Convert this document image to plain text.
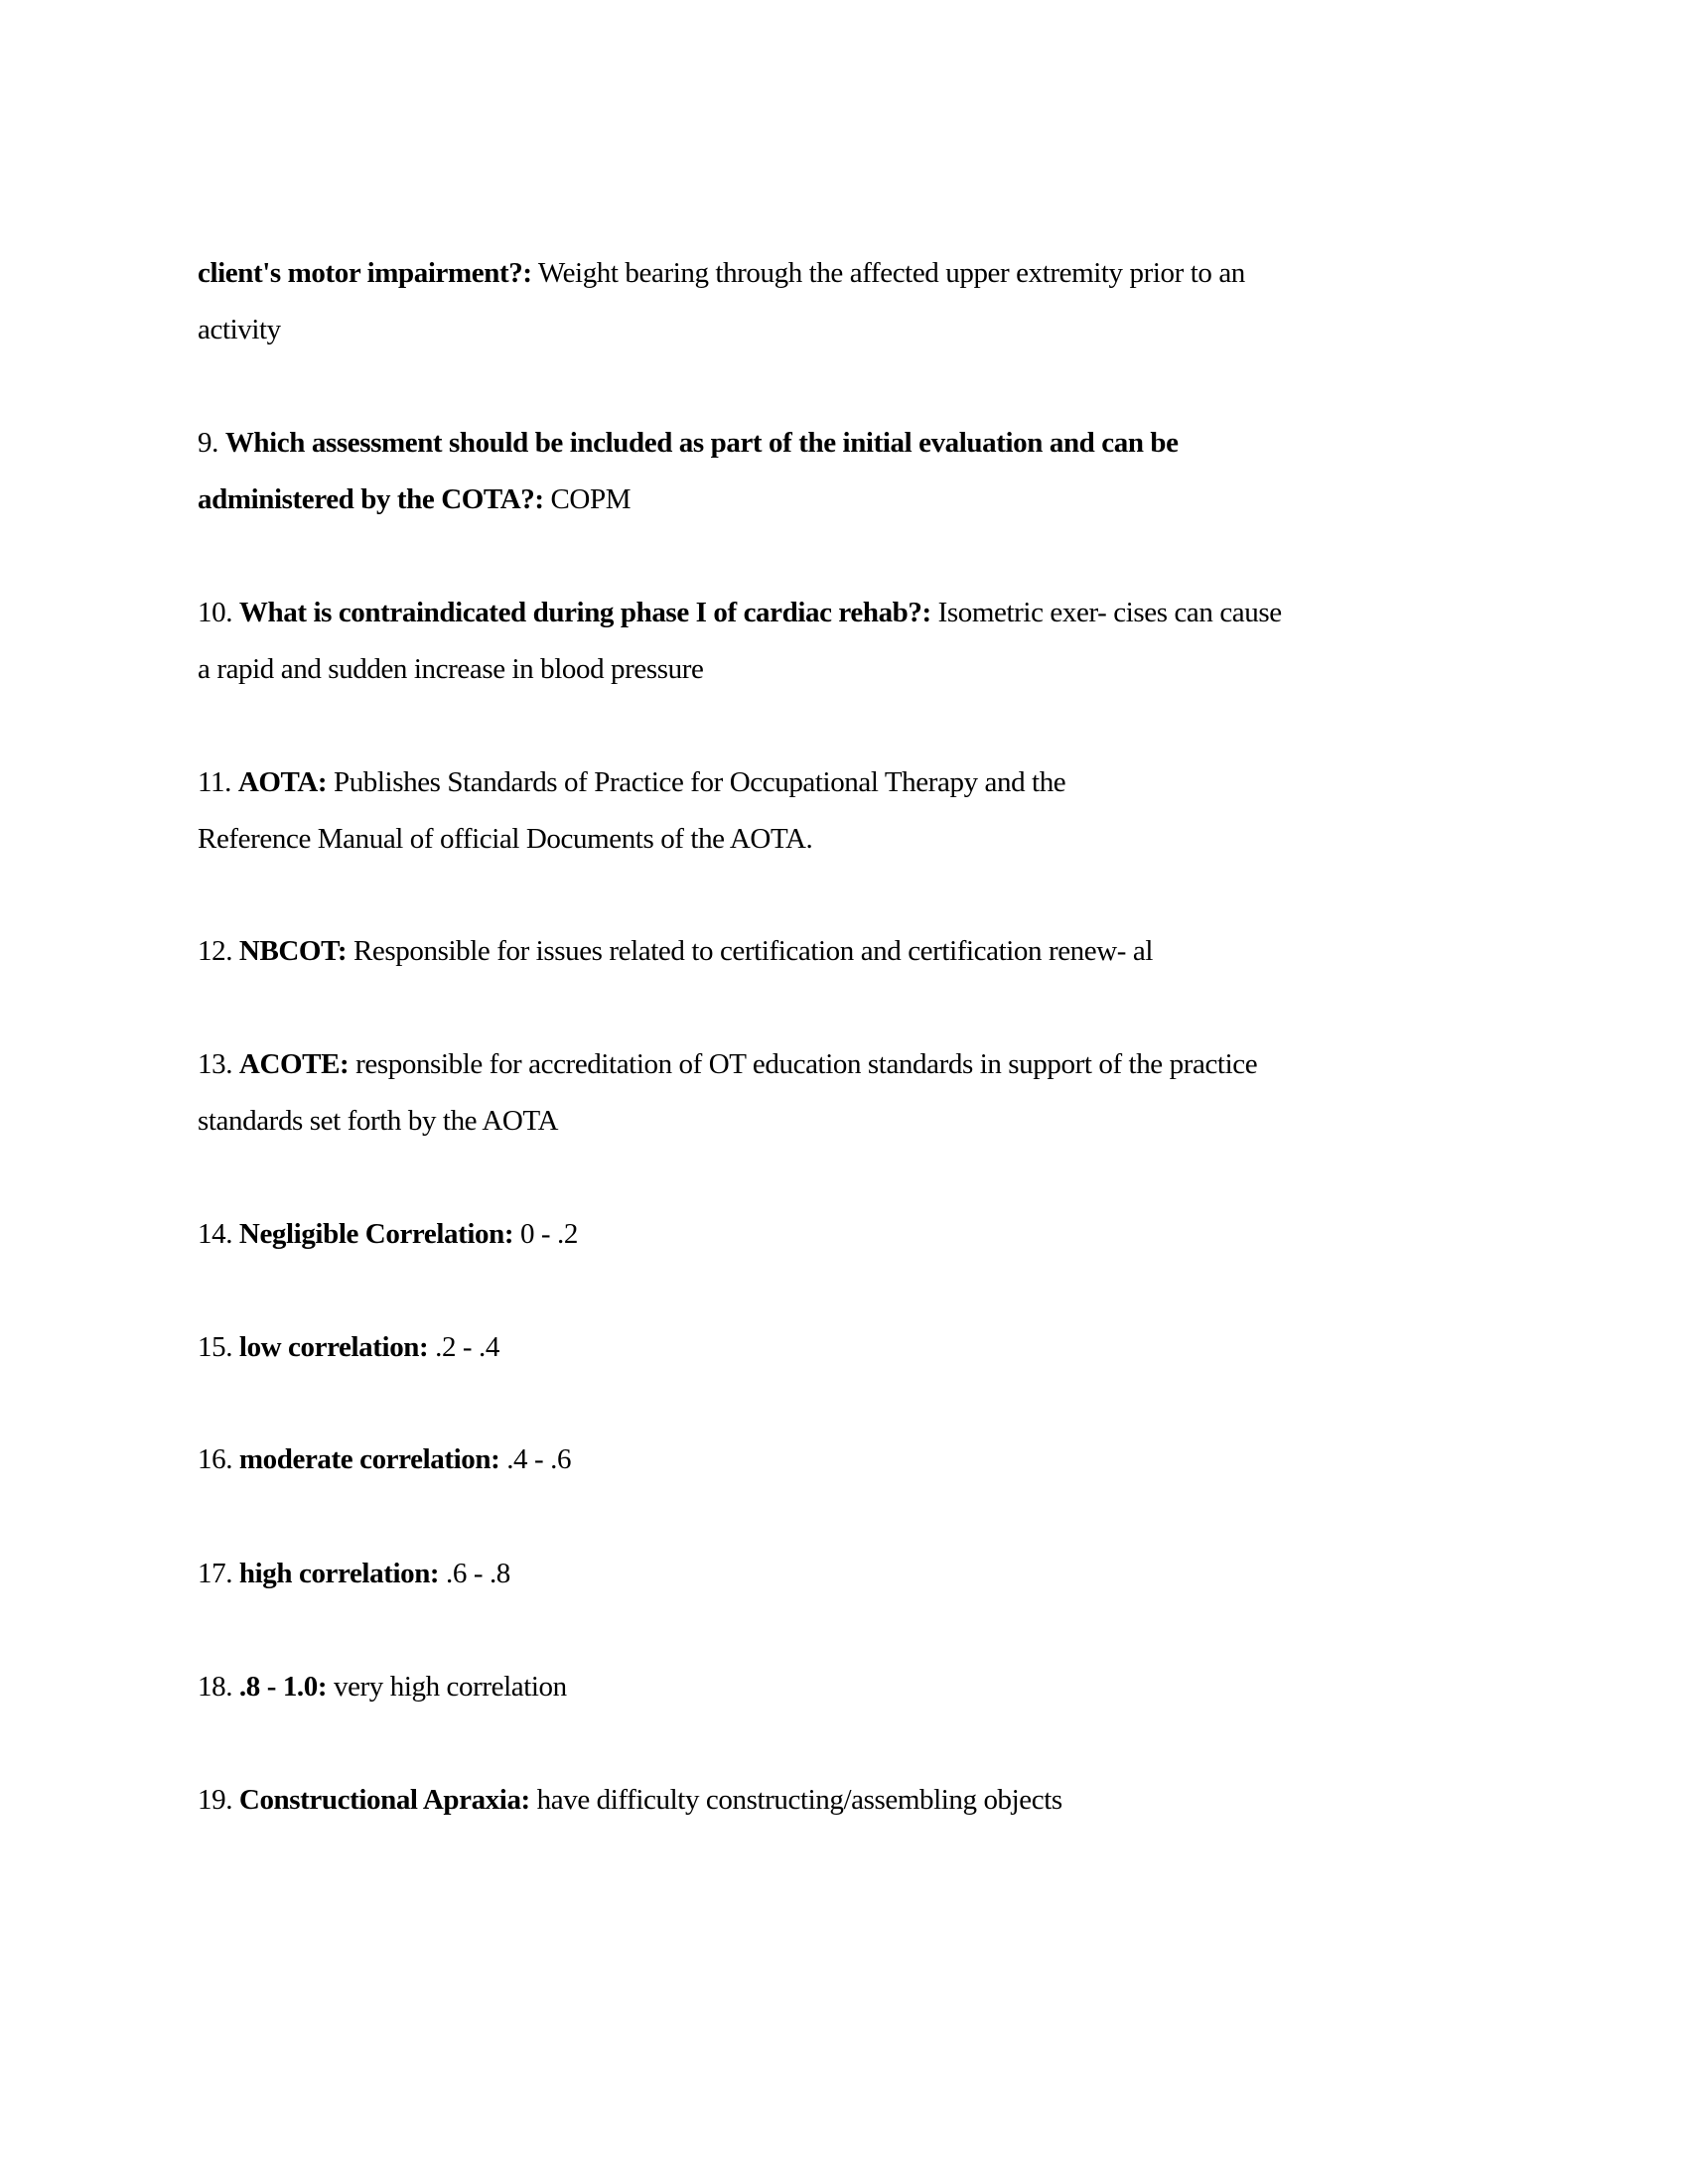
client's motor impairment?: Weight bearing through the affected upper extremity prior to an
activity
9. Which assessment should be included as part of the initial evaluation and can be
administered by the COTA?: COPM
10. What is contraindicated during phase I of cardiac rehab?: Isometric exer- cises can cause
a rapid and sudden increase in blood pressure
11. AOTA: Publishes Standards of Practice for Occupational Therapy and the
Reference Manual of official Documents of the AOTA.
12. NBCOT: Responsible for issues related to certification and certification renew- al
13. ACOTE: responsible for accreditation of OT education standards in support of the practice
standards set forth by the AOTA
14. Negligible Correlation: 0 - .2
15. low correlation: .2 - .4
16. moderate correlation: .4 - .6
17. high correlation: .6 - .8
18. .8 - 1.0: very high correlation
19. Constructional Apraxia: have difficulty constructing/assembling objects
